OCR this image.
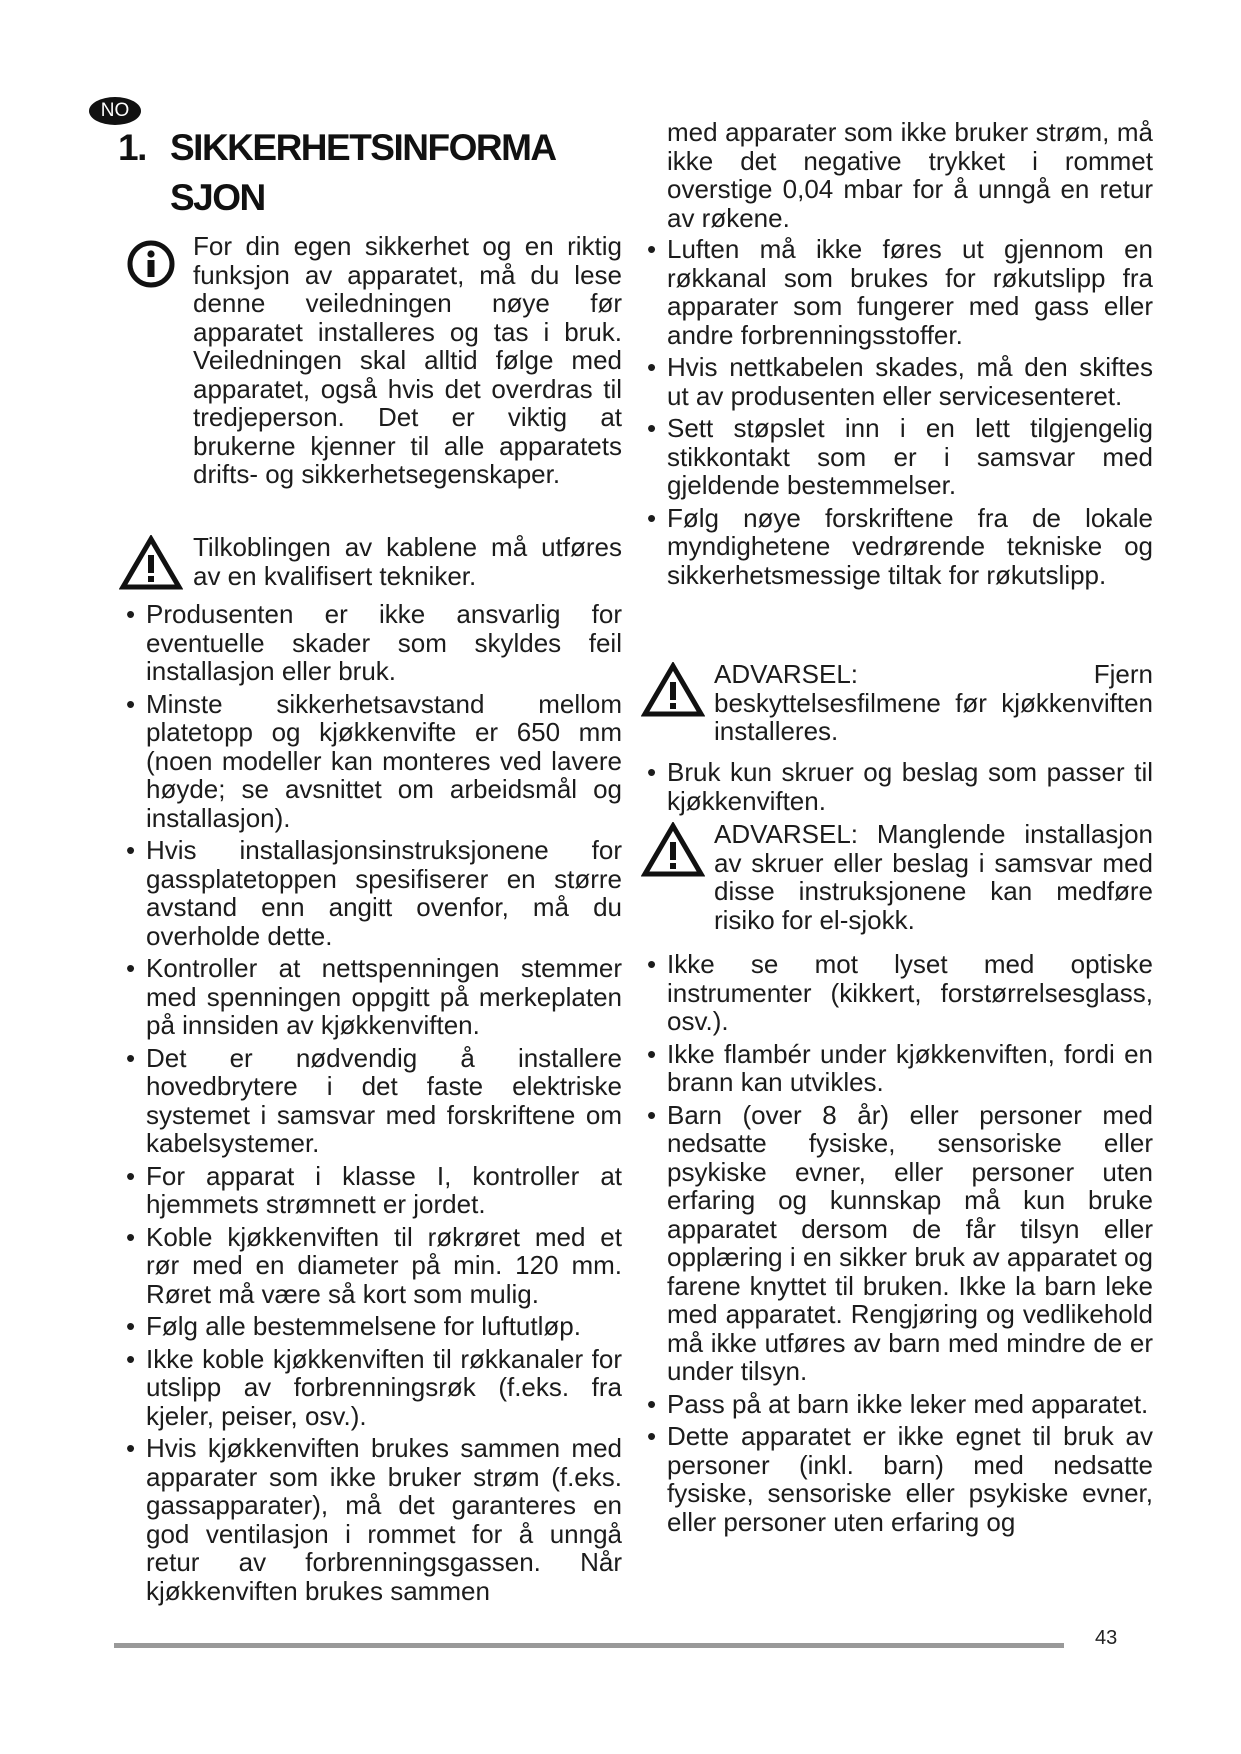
NO
1. SIKKERHETSINFORMA
SJON

For din egen sikkerhet og en riktig funksjon av apparatet, må du lese denne veiledningen nøye før apparatet installeres og tas i bruk. Veiledningen skal alltid følge med apparatet, også hvis det overdras til tredjeperson. Det er viktig at brukerne kjenner til alle apparatets drifts- og sikkerhetsegenskaper.

Tilkoblingen av kablene må utføres av en kvalifisert tekniker.

• Produsenten er ikke ansvarlig for eventuelle skader som skyldes feil installasjon eller bruk.

• Minste sikkerhetsavstand mellom platetopp og kjøkkenvifte er 650 mm (noen modeller kan monteres ved lavere høyde; se avsnittet om arbeidsmål og installasjon).

• Hvis installasjonsinstruksjonene for gassplatetoppen spesifiserer en større avstand enn angitt ovenfor, må du overholde dette.

• Kontroller at nettspenningen stemmer med spenningen oppgitt på merkeplaten på innsiden av kjøkkenviften.

• Det er nødvendig å installere hovedbrytere i det faste elektriske systemet i samsvar med forskriftene om kabelsystemer.

• For apparat i klasse I, kontroller at hjemmets strømnett er jordet.

• Koble kjøkkenviften til røkrøret med et rør med en diameter på min. 120 mm. Røret må være så kort som mulig.

• Følg alle bestemmelsene for luftutløp.

• Ikke koble kjøkkenviften til røkkanaler for utslipp av forbrenningsrøk (f.eks. fra kjeler, peiser, osv.).

• Hvis kjøkkenviften brukes sammen med apparater som ikke bruker strøm (f.eks. gassapparater), må det garanteres en god ventilasjon i rommet for å unngå retur av forbrenningsgassen. Når kjøkkenviften brukes sammen

med apparater som ikke bruker strøm, må ikke det negative trykket i rommet overstige 0,04 mbar for å unngå en retur av røkene.

• Luften må ikke føres ut gjennom en røkkanal som brukes for røkutslipp fra apparater som fungerer med gass eller andre forbrenningsstoffer.

• Hvis nettkabelen skades, må den skiftes ut av produsenten eller servicesenteret.

• Sett støpslet inn i en lett tilgjengelig stikkontakt som er i samsvar med gjeldende bestemmelser.

• Følg nøye forskriftene fra de lokale myndighetene vedrørende tekniske og sikkerhetsmessige tiltak for røkutslipp.

ADVARSEL: Fjern beskyttelsesfilmene før kjøkkenviften installeres.

• Bruk kun skruer og beslag som passer til kjøkkenviften.

ADVARSEL: Manglende installasjon av skruer eller beslag i samsvar med disse instruksjonene kan medføre risiko for el-sjokk.

• Ikke se mot lyset med optiske instrumenter (kikkert, forstørrelsesglass, osv.).

• Ikke flambér under kjøkkenviften, fordi en brann kan utvikles.

• Barn (over 8 år) eller personer med nedsatte fysiske, sensoriske eller psykiske evner, eller personer uten erfaring og kunnskap må kun bruke apparatet dersom de får tilsyn eller opplæring i en sikker bruk av apparatet og farene knyttet til bruken. Ikke la barn leke med apparatet. Rengjøring og vedlikehold må ikke utføres av barn med mindre de er under tilsyn.

• Pass på at barn ikke leker med apparatet.

• Dette apparatet er ikke egnet til bruk av personer (inkl. barn) med nedsatte fysiske, sensoriske eller psykiske evner, eller personer uten erfaring og

43
